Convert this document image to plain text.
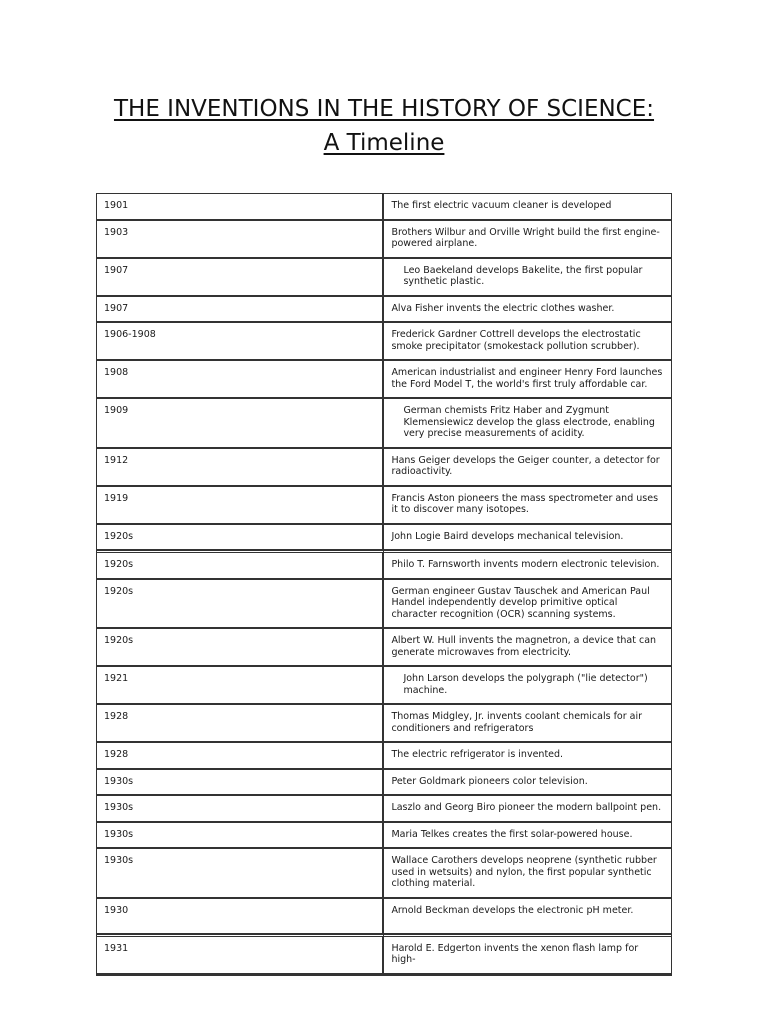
THE INVENTIONS IN THE HISTORY OF SCIENCE:
A Timeline
1901	The first electric vacuum cleaner is developed
1903	Brothers Wilbur and Orville Wright build the first engine-powered airplane.
1907	Leo Baekeland develops Bakelite, the first popular synthetic plastic.

1907	Alva Fisher invents the electric clothes washer.
1906-1908	Frederick Gardner Cottrell develops the electrostatic smoke precipitator (smokestack pollution scrubber).
1908	American industrialist and engineer Henry Ford launches the Ford Model T, the world's first truly affordable car.
1909	German chemists Fritz Haber and Zygmunt Klemensiewicz develop the glass electrode, enabling very precise measurements of acidity.

1912	Hans Geiger develops the Geiger counter, a detector for radioactivity.
1919	Francis Aston pioneers the mass spectrometer and uses it to discover many isotopes.
1920s	John Logie Baird develops mechanical television.
1920s	Philo T. Farnsworth invents modern electronic television.
1920s	German engineer Gustav Tauschek and American Paul Handel independently develop primitive optical character recognition (OCR) scanning systems.
1920s	Albert W. Hull invents the magnetron, a device that can generate microwaves from electricity.
1921	John Larson develops the polygraph ("lie detector") machine.

1928	Thomas Midgley, Jr. invents coolant chemicals for air conditioners and refrigerators
1928	The electric refrigerator is invented.
1930s	Peter Goldmark pioneers color television.
1930s	Laszlo and Georg Biro pioneer the modern ballpoint pen.
1930s	Maria Telkes creates the first solar-powered house.
1930s	Wallace Carothers develops neoprene (synthetic rubber used in wetsuits) and nylon, the first popular synthetic clothing material.
1930	Arnold Beckman develops the electronic pH meter.
1931	Harold E. Edgerton invents the xenon flash lamp for high-
